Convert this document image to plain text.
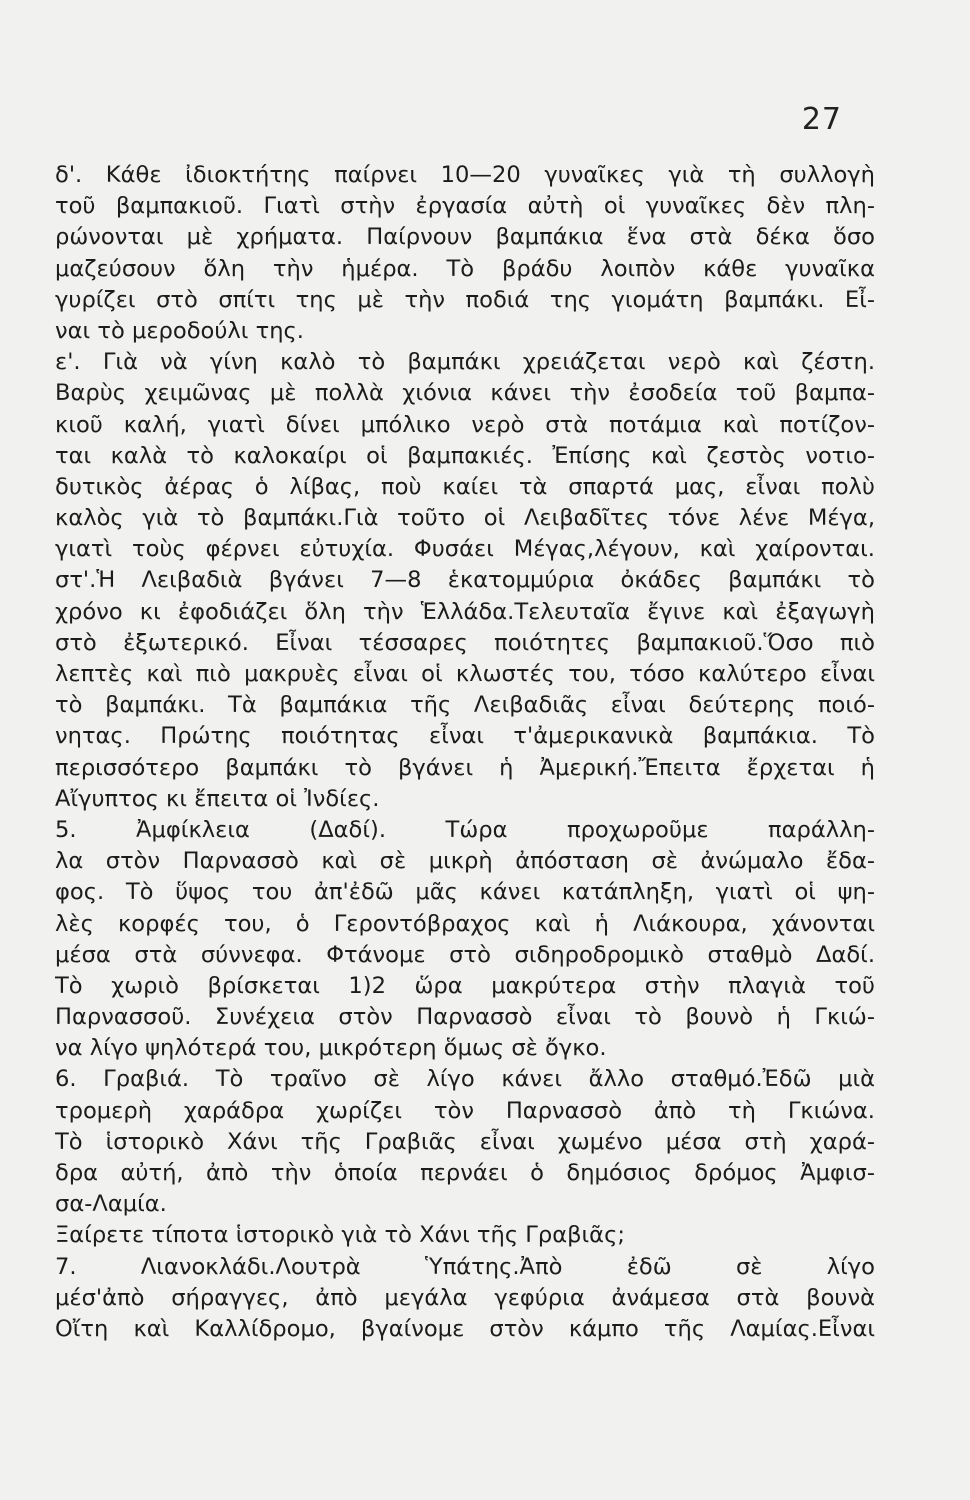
27
δ'. Κάθε ἰδιοκτήτης παίρνει 10—20 γυναῖκες γιὰ τὴ συλλογὴ
τοῦ βαμπακιοῦ. Γιατὶ στὴν ἐργασία αὐτὴ οἱ γυναῖκες δὲν πλη-
ρώνονται μὲ χρήματα. Παίρνουν βαμπάκια ἕνα στὰ δέκα ὅσο
μαζεύσουν ὅλη τὴν ἡμέρα. Τὸ βράδυ λοιπὸν κάθε γυναῖκα
γυρίζει στὸ σπίτι της μὲ τὴν ποδιά της γιομάτη βαμπάκι. Εἶ-
ναι τὸ μεροδούλι της.
ε'. Γιὰ νὰ γίνη καλὸ τὸ βαμπάκι χρειάζεται νερὸ καὶ ζέστη.
Βαρὺς χειμῶνας μὲ πολλὰ χιόνια κάνει τὴν ἐσοδεία τοῦ βαμπα-
κιοῦ καλή, γιατὶ δίνει μπόλικο νερὸ στὰ ποτάμια καὶ ποτίζον-
ται καλὰ τὸ καλοκαίρι οἱ βαμπακιές. Ἐπίσης καὶ ζεστὸς νοτιο-
δυτικὸς ἀέρας ὁ λίβας, ποὺ καίει τὰ σπαρτά μας, εἶναι πολὺ
καλὸς γιὰ τὸ βαμπάκι.Γιὰ τοῦτο οἱ Λειβαδῖτες τόνε λένε Μέγα,
γιατὶ τοὺς φέρνει εὐτυχία. Φυσάει Μέγας,λέγουν, καὶ χαίρονται.
στ'.Ἡ Λειβαδιὰ βγάνει 7—8 ἑκατομμύρια ὀκάδες βαμπάκι τὸ
χρόνο κι ἐφοδιάζει ὅλη τὴν Ἑλλάδα.Τελευταῖα ἔγινε καὶ ἐξαγωγὴ
στὸ ἐξωτερικό. Εἶναι τέσσαρες ποιότητες βαμπακιοῦ.Ὅσο πιὸ
λεπτὲς καὶ πιὸ μακρυὲς εἶναι οἱ κλωστές του, τόσο καλύτερο εἶναι
τὸ βαμπάκι. Τὰ βαμπάκια τῆς Λειβαδιᾶς εἶναι δεύτερης ποιό-
νητας. Πρώτης ποιότητας εἶναι τ'ἀμερικανικὰ βαμπάκια. Τὸ
περισσότερο βαμπάκι τὸ βγάνει ἡ Ἀμερική.Ἔπειτα ἔρχεται ἡ
Αἴγυπτος κι ἔπειτα οἱ Ἰνδίες.
5. Ἀμφίκλεια (Δαδί). Τώρα προχωροῦμε παράλλη-
λα στὸν Παρνασσὸ καὶ σὲ μικρὴ ἀπόσταση σὲ ἀνώμαλο ἔδα-
φος. Τὸ ὕψος του ἀπ'ἐδῶ μᾶς κάνει κατάπληξη, γιατὶ οἱ ψη-
λὲς κορφές του, ὁ Γεροντόβραχος καὶ ἡ Λιάκουρα, χάνονται
μέσα στὰ σύννεφα. Φτάνομε στὸ σιδηροδρομικὸ σταθμὸ Δαδί.
Τὸ χωριὸ βρίσκεται 1)2 ὥρα μακρύτερα στὴν πλαγιὰ τοῦ
Παρνασσοῦ. Συνέχεια στὸν Παρνασσὸ εἶναι τὸ βουνὸ ἡ Γκιώ-
να λίγο ψηλότερά του, μικρότερη ὅμως σὲ ὄγκο.
6. Γραβιά. Τὸ τραῖνο σὲ λίγο κάνει ἄλλο σταθμό.Ἐδῶ μιὰ
τρομερὴ χαράδρα χωρίζει τὸν Παρνασσὸ ἀπὸ τὴ Γκιώνα.
Τὸ ἱστορικὸ Χάνι τῆς Γραβιᾶς εἶναι χωμένο μέσα στὴ χαρά-
δρα αὐτή, ἀπὸ τὴν ὁποία περνάει ὁ δημόσιος δρόμος Ἀμφισ-
σα-Λαμία.
Ξαίρετε τίποτα ἱστορικὸ γιὰ τὸ Χάνι τῆς Γραβιᾶς;
7. Λιανοκλάδι.Λουτρὰ Ὑπάτης.Ἀπὸ ἐδῶ σὲ λίγο
μέσ'ἀπὸ σήραγγες, ἀπὸ μεγάλα γεφύρια ἀνάμεσα στὰ βουνὰ
Οἴτη καὶ Καλλίδρομο, βγαίνομε στὸν κάμπο τῆς Λαμίας.Εἶναι
